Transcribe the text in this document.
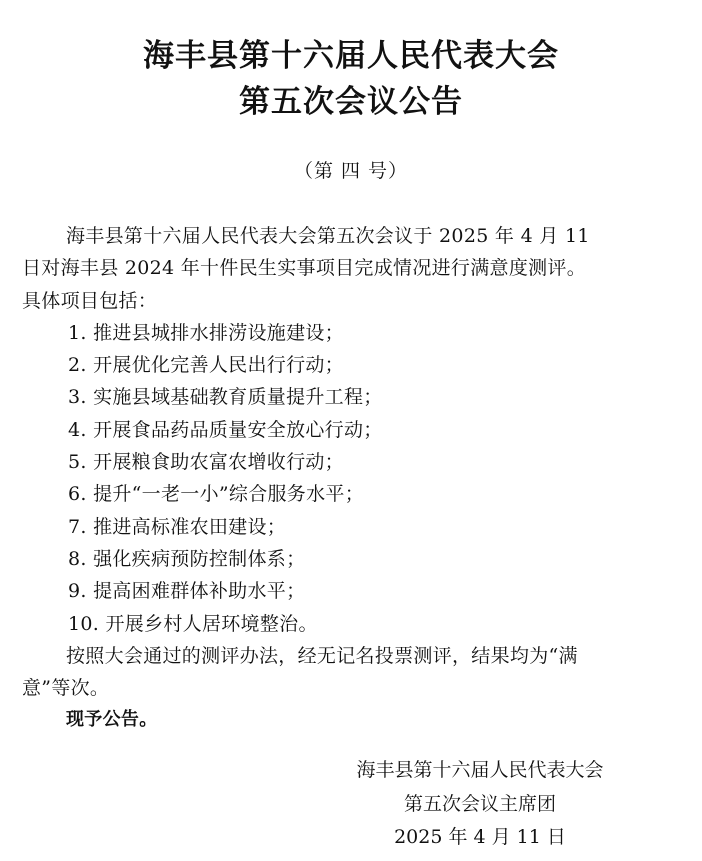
海丰县第十六届人民代表大会
第五次会议公告
（第 四 号）
海丰县第十六届人民代表大会第五次会议于 2025 年 4 月 11
日对海丰县 2024 年十件民生实事项目完成情况进行满意度测评。
具体项目包括：
1. 推进县城排水排涝设施建设；
2. 开展优化完善人民出行行动；
3. 实施县域基础教育质量提升工程；
4. 开展食品药品质量安全放心行动；
5. 开展粮食助农富农增收行动；
6. 提升“一老一小”综合服务水平；
7. 推进高标准农田建设；
8. 强化疾病预防控制体系；
9. 提高困难群体补助水平；
10. 开展乡村人居环境整治。
按照大会通过的测评办法，经无记名投票测评，结果均为“满
意”等次。
现予公告。
海丰县第十六届人民代表大会
第五次会议主席团
2025 年 4 月 11 日
